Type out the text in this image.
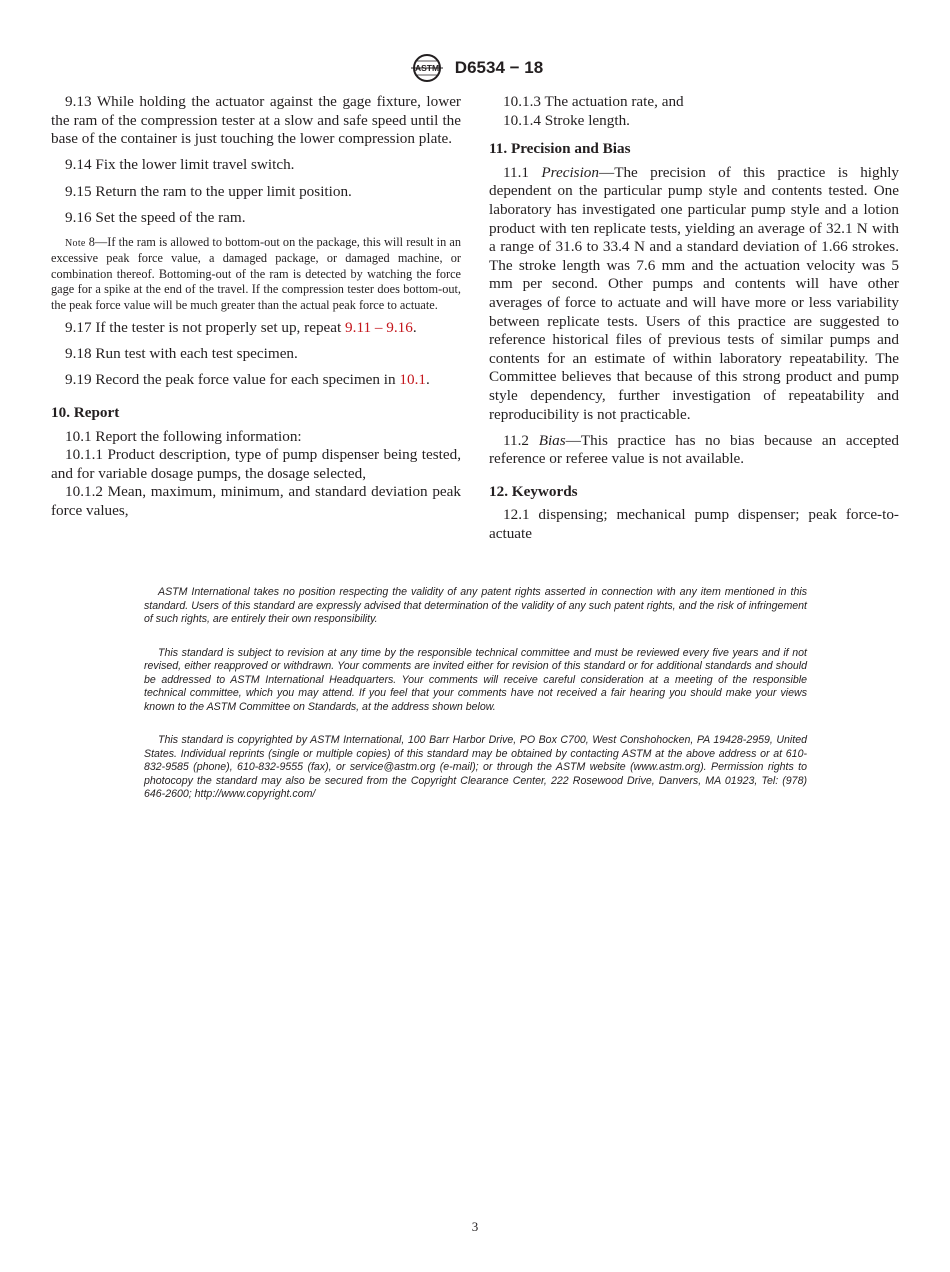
ASTM D6534 − 18

9.13 While holding the actuator against the gage fixture, lower the ram of the compression tester at a slow and safe speed until the base of the container is just touching the lower compression plate.

9.14 Fix the lower limit travel switch.

9.15 Return the ram to the upper limit position.

9.16 Set the speed of the ram.

Note 8—If the ram is allowed to bottom-out on the package, this will result in an excessive peak force value, a damaged package, or damaged machine, or combination thereof. Bottoming-out of the ram is detected by watching the force gage for a spike at the end of the travel. If the compression tester does bottom-out, the peak force value will be much greater than the actual peak force to actuate.

9.17 If the tester is not properly set up, repeat 9.11 – 9.16.

9.18 Run test with each test specimen.

9.19 Record the peak force value for each specimen in 10.1.

10. Report

10.1 Report the following information:

10.1.1 Product description, type of pump dispenser being tested, and for variable dosage pumps, the dosage selected,

10.1.2 Mean, maximum, minimum, and standard deviation peak force values,

10.1.3 The actuation rate, and

10.1.4 Stroke length.

11. Precision and Bias

11.1 Precision—The precision of this practice is highly dependent on the particular pump style and contents tested. One laboratory has investigated one particular pump style and a lotion product with ten replicate tests, yielding an average of 32.1 N with a range of 31.6 to 33.4 N and a standard deviation of 1.66 strokes. The stroke length was 7.6 mm and the actuation velocity was 5 mm per second. Other pumps and contents will have other averages of force to actuate and will have more or less variability between replicate tests. Users of this practice are suggested to reference historical files of previous tests of similar pumps and contents for an estimate of within laboratory repeatability. The Committee believes that because of this strong product and pump style dependency, further investigation of repeatability and reproducibility is not practicable.

11.2 Bias—This practice has no bias because an accepted reference or referee value is not available.

12. Keywords

12.1 dispensing; mechanical pump dispenser; peak force-to-actuate

ASTM International takes no position respecting the validity of any patent rights asserted in connection with any item mentioned in this standard. Users of this standard are expressly advised that determination of the validity of any such patent rights, and the risk of infringement of such rights, are entirely their own responsibility.

This standard is subject to revision at any time by the responsible technical committee and must be reviewed every five years and if not revised, either reapproved or withdrawn. Your comments are invited either for revision of this standard or for additional standards and should be addressed to ASTM International Headquarters. Your comments will receive careful consideration at a meeting of the responsible technical committee, which you may attend. If you feel that your comments have not received a fair hearing you should make your views known to the ASTM Committee on Standards, at the address shown below.

This standard is copyrighted by ASTM International, 100 Barr Harbor Drive, PO Box C700, West Conshohocken, PA 19428-2959, United States. Individual reprints (single or multiple copies) of this standard may be obtained by contacting ASTM at the above address or at 610-832-9585 (phone), 610-832-9555 (fax), or service@astm.org (e-mail); or through the ASTM website (www.astm.org). Permission rights to photocopy the standard may also be secured from the Copyright Clearance Center, 222 Rosewood Drive, Danvers, MA 01923, Tel: (978) 646-2600; http://www.copyright.com/

3
